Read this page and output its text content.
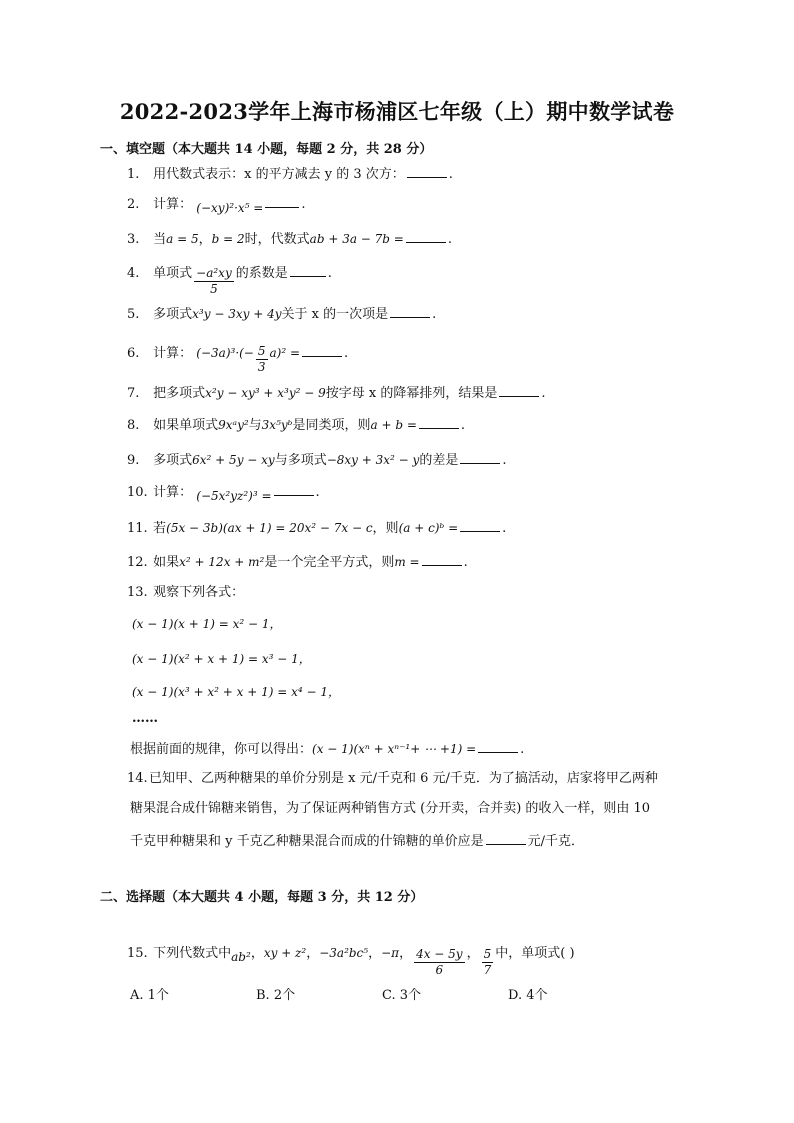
2022-2023学年上海市杨浦区七年级（上）期中数学试卷
一、填空题（本大题共 14 小题，每题 2 分，共 28 分）
1. 用代数式表示：x 的平方减去 y 的 3 次方：	.
2. 计算： (−xy)²·x⁵ =	.
3. 当a = 5，b = 2时，代数式ab + 3a − 7b =	.
4. 单项式 $\frac{\text{−a²xy}}{5}$ 的系数是	.
5. 多项式x³y − 3xy + 4y关于 x 的一次项是	.
6. 计算： $(-3a)^3\cdot(- \frac{5}{3} a)^2$ =	.
7. 把多项式x²y − xy³ + x³y² − 9按字母 x 的降幂排列，结果是	.
8. 如果单项式9xᵃy²与3x⁵yᵇ是同类项，则a + b =	.
9. 多项式6x² + 5y − xy与多项式−8xy + 3x² − y的差是	.
10. 计算： (−5x²yz²)³ =	.
11. 若(5x − 3b)(ax + 1) = 20x² − 7x − c，则(a + c)ᵇ =	.
12. 如果x² + 12x + m²是一个完全平方式，则m =	.
13. 观察下列各式：
(x − 1)(x + 1) = x² − 1，
(x − 1)(x² + x + 1) = x³ − 1，
(x − 1)(x³ + x² + x + 1) = x⁴ − 1，
……
根据前面的规律，你可以得出：(x − 1)(xⁿ + xⁿ⁻¹+ ⋯ +1) =	.
14.已知甲、乙两种糖果的单价分别是 x 元/千克和 6 元/千克．为了搞活动，店家将甲乙两种
糖果混合成什锦糖来销售，为了保证两种销售方式 (分开卖，合并卖) 的收入一样，则由 10
千克甲种糖果和 y 千克乙种糖果混合而成的什锦糖的单价应是	元/千克．
二、选择题（本大题共 4 小题，每题 3 分，共 12 分）
15. 下列代数式中ab²，xy + z²，−3a²bc⁵，−π， $\frac{4x - 5y}{6}$ ， $\frac{5}{7}$ 中，单项式( )
A. 1个	B. 2个	C. 3个	D. 4个
